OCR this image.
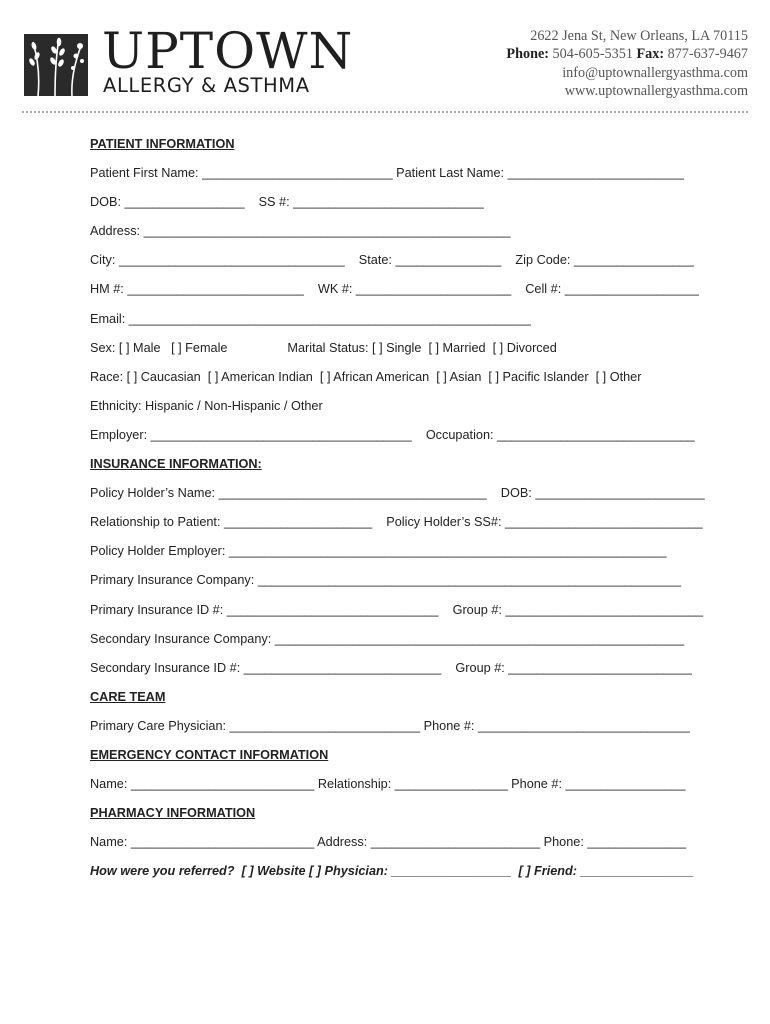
UPTOWN
ALLERGY & ASTHMA
2622 Jena St, New Orleans, LA 70115
Phone: 504-605-5351 Fax: 877-637-9467
info@uptownallergyasthma.com
www.uptownallergyasthma.com
PATIENT INFORMATION
Patient First Name: ___________________________ Patient Last Name: _________________________
DOB: _________________    SS #: ___________________________
Address: ____________________________________________________
City: ________________________________    State: _______________    Zip Code: _________________
HM #: _________________________    WK #: ______________________    Cell #: ___________________
Email: _________________________________________________________
Sex: [ ] Male   [ ] Female                 Marital Status: [ ] Single  [ ] Married  [ ] Divorced
Race: [ ] Caucasian  [ ] American Indian  [ ] African American  [ ] Asian  [ ] Pacific Islander  [ ] Other
Ethnicity: Hispanic / Non-Hispanic / Other
Employer: _____________________________________    Occupation: ____________________________
INSURANCE INFORMATION:
Policy Holder’s Name: ______________________________________    DOB: ________________________
Relationship to Patient: _____________________    Policy Holder’s SS#: ____________________________
Policy Holder Employer: ______________________________________________________________
Primary Insurance Company: ____________________________________________________________
Primary Insurance ID #: ______________________________    Group #: ____________________________
Secondary Insurance Company: __________________________________________________________
Secondary Insurance ID #: ____________________________    Group #: __________________________
CARE TEAM
Primary Care Physician: ___________________________ Phone #: ______________________________
EMERGENCY CONTACT INFORMATION
Name: __________________________ Relationship: ________________ Phone #: _________________
PHARMACY INFORMATION
Name: __________________________ Address: ________________________ Phone: ______________
How were you referred?  [ ] Website [ ] Physician: _________________  [ ] Friend: ________________
